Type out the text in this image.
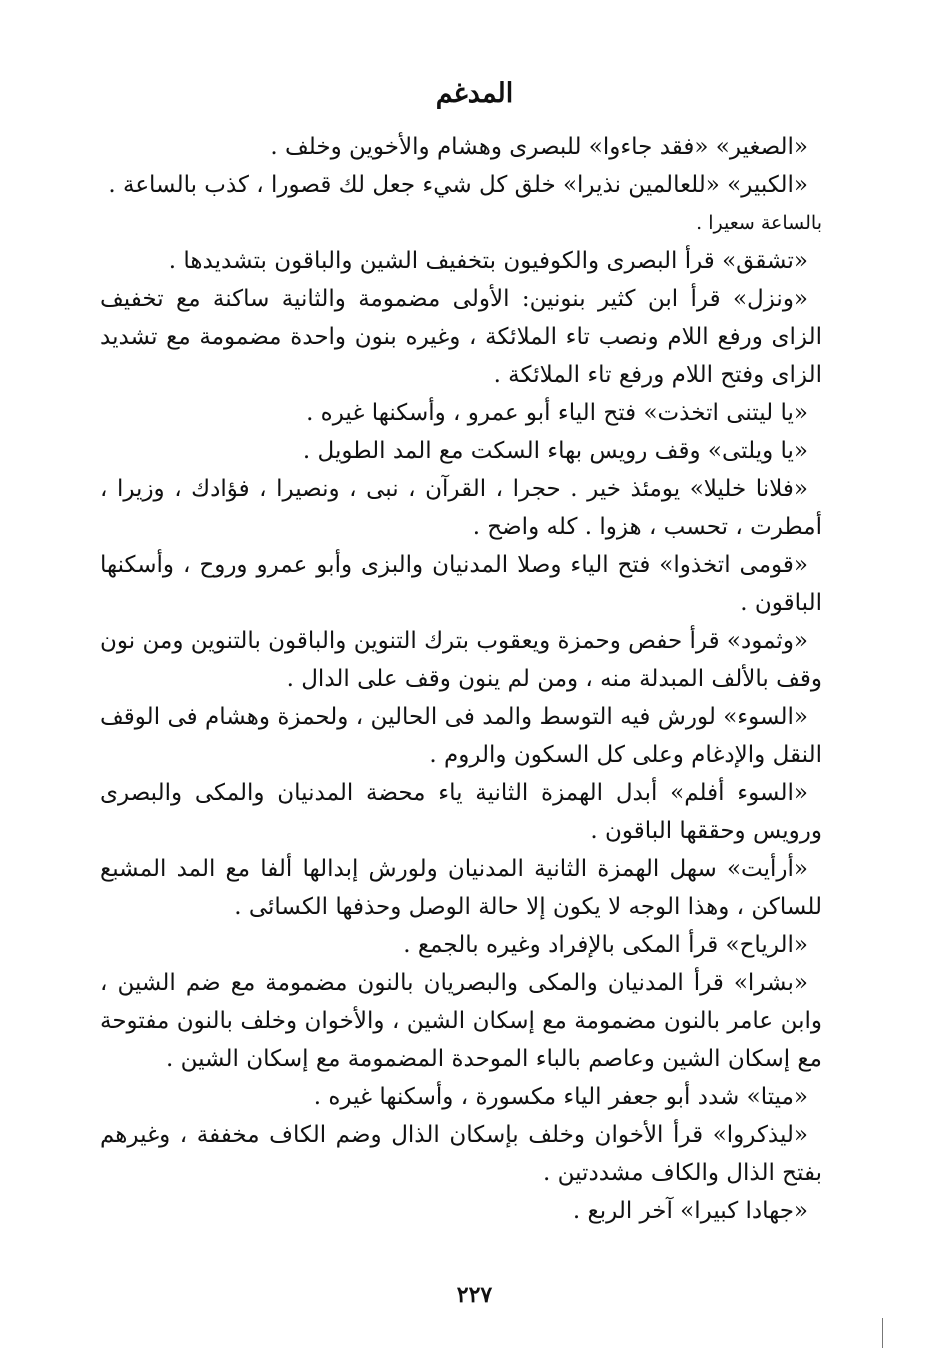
المدغم

«الصغير» «فقد جاءوا» للبصرى وهشام والأخوين وخلف .

«الكبير» «للعالمين نذيرا» خلق كل شيء جعل لك قصورا ، كذب بالساعة .

بالساعة سعيرا .

«تشقق» قرأ البصرى والكوفيون بتخفيف الشين والباقون بتشديدها .

«ونزل» قرأ ابن كثير بنونين: الأولى مضمومة والثانية ساكنة مع تخفيف الزاى ورفع اللام ونصب تاء الملائكة ، وغيره بنون واحدة مضمومة مع تشديد الزاى وفتح اللام ورفع تاء الملائكة .

«يا ليتنى اتخذت» فتح الياء أبو عمرو ، وأسكنها غيره .

«يا ويلتى» وقف رويس بهاء السكت مع المد الطويل .

«فلانا خليلا» يومئذ خير . حجرا ، القرآن ، نبى ، ونصيرا ، فؤادك ، وزيرا ، أمطرت ، تحسب ، هزوا . كله واضح .

«قومى اتخذوا» فتح الياء وصلا المدنيان والبزى وأبو عمرو وروح ، وأسكنها الباقون .

«وثمود» قرأ حفص وحمزة ويعقوب بترك التنوين والباقون بالتنوين ومن نون وقف بالألف المبدلة منه ، ومن لم ينون وقف على الدال .

«السوء» لورش فيه التوسط والمد فى الحالين ، ولحمزة وهشام فى الوقف النقل والإدغام وعلى كل السكون والروم .

«السوء أفلم» أبدل الهمزة الثانية ياء محضة المدنيان والمكى والبصرى ورويس وحققها الباقون .

«أرأيت» سهل الهمزة الثانية المدنيان ولورش إبدالها ألفا مع المد المشبع للساكن ، وهذا الوجه لا يكون إلا حالة الوصل وحذفها الكسائى .

«الرياح» قرأ المكى بالإفراد وغيره بالجمع .

«بشرا» قرأ المدنيان والمكى والبصريان بالنون مضمومة مع ضم الشين ، وابن عامر بالنون مضمومة مع إسكان الشين ، والأخوان وخلف بالنون مفتوحة مع إسكان الشين وعاصم بالباء الموحدة المضمومة مع إسكان الشين .

«ميتا» شدد أبو جعفر الياء مكسورة ، وأسكنها غيره .

«ليذكروا» قرأ الأخوان وخلف بإسكان الذال وضم الكاف مخففة ، وغيرهم بفتح الذال والكاف مشددتين .

«جهادا كبيرا» آخر الربع .

٢٢٧
